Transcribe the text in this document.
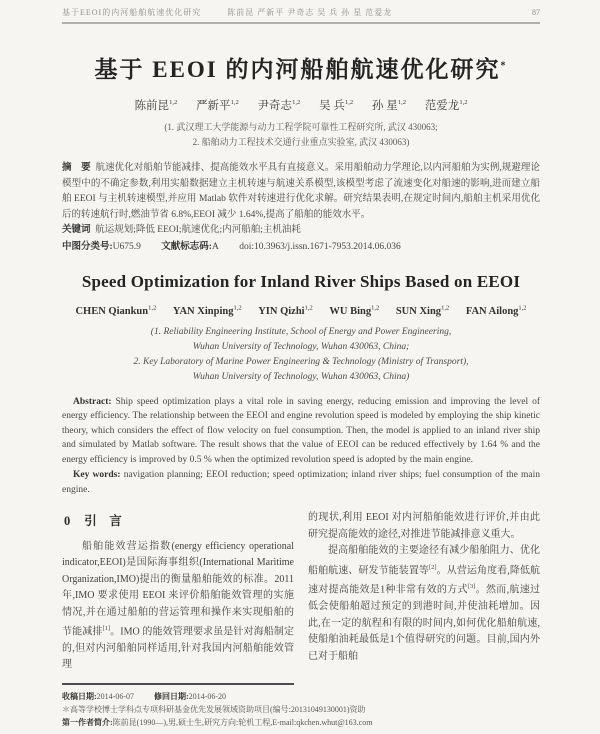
基于EEOI的内河船舶航速优化研究	陈前昆 严新平 尹奇志 吴 兵 孙 星 范爱龙	87
基于 EEOI 的内河船舶航速优化研究*
陈前昆$^{1,2}$ 严新平$^{1,2}$ 尹奇志$^{1,2}$ 吴 兵$^{1,2}$ 孙 星$^{1,2}$ 范爱龙$^{1,2}$
(1. 武汉理工大学能源与动力工程学院可靠性工程研究所, 武汉 430063;
2. 船舶动力工程技术交通行业重点实验室, 武汉 430063)
摘　要 航速优化对船舶节能减排、提高能效水平具有直接意义。采用船舶动力学理论,以内河船舶为实例,规避理论模型中的不确定参数,利用实船数据建立主机转速与航速关系模型,该模型考虑了流速变化对船速的影响,进而建立船舶 EEOI 与主机转速模型,并应用 Matlab 软件对转速进行优化求解。研究结果表明,在规定时间内,船舶主机采用优化后的转速航行时,燃油节省 6.8%,EEOI 减少 1.64%,提高了船舶的能效水平。
关键词 航运规划;降低 EEOI;航速优化;内河船舶;主机油耗
中图分类号:U675.9 文献标志码:A doi:10.3963/j.issn.1671-7953.2014.06.036
Speed Optimization for Inland River Ships Based on EEOI
CHEN Qiankun$^{1,2}$ YAN Xinping$^{1,2}$ YIN Qizhi$^{1,2}$ WU Bing$^{1,2}$ SUN Xing$^{1,2}$ FAN Ailong$^{1,2}$
(1. Reliability Engineering Institute, School of Energy and Power Engineering,
Wuhan University of Technology, Wuhan 430063, China;
2. Key Laboratory of Marine Power Engineering & Technology (Ministry of Transport),
Wuhan University of Technology, Wuhan 430063, China)

Abstract: Ship speed optimization plays a vital role in saving energy, reducing emission and improving the level of energy efficiency. The relationship between the EEOI and engine revolution speed is modeled by employing the ship kinetic theory, which considers the effect of flow velocity on fuel consumption. Then, the model is applied to an inland river ship and simulated by Matlab software. The result shows that the value of EEOI can be reduced effectively by 1.64 % and the energy efficiency is improved by 0.5 % when the optimized revolution speed is adopted by the main engine.

Key words: navigation planning; EEOI reduction; speed optimization; inland river ships; fuel consumption of the main engine.

0 引　言

船舶能效营运指数(energy efficiency operational indicator,EEOI)是国际海事组织(International Maritime Organization,IMO)提出的衡量船舶能效的标准。2011 年,IMO 要求使用 EEOI 来评价船舶能效管理的实施情况,并在通过船舶的营运管理和操作来实现船舶的节能减排[1]。IMO 的能效管理要求虽是针对海船制定的,但对内河船舶同样适用,针对我国内河船舶能效管理

的现状,利用 EEOI 对内河船舶能效进行评价,并由此研究提高能效的途径,对推进节能减排意义重大。

提高船舶能效的主要途径有减少船舶阻力、优化船舶航速、研发节能装置等[2]。从营运角度看,降低航速对提高能效是1种非常有效的方式[3]。然而,航速过低会使船舶超过预定的到港时间,并使油耗增加。因此,在一定的航程和有限的时间内,如何优化船舶航速,使船舶油耗最低是1个值得研究的问题。目前,国内外已对于船舶

收稿日期:2014-06-07	修回日期:2014-06-20
＊高等学校博士学科点专项科研基金优先发展领域资助项目(编号:20131049130001)资助
第一作者简介:陈前昆(1990—),男,硕士生,研究方向:轮机工程,E-mail:qkchen.whut@163.com
